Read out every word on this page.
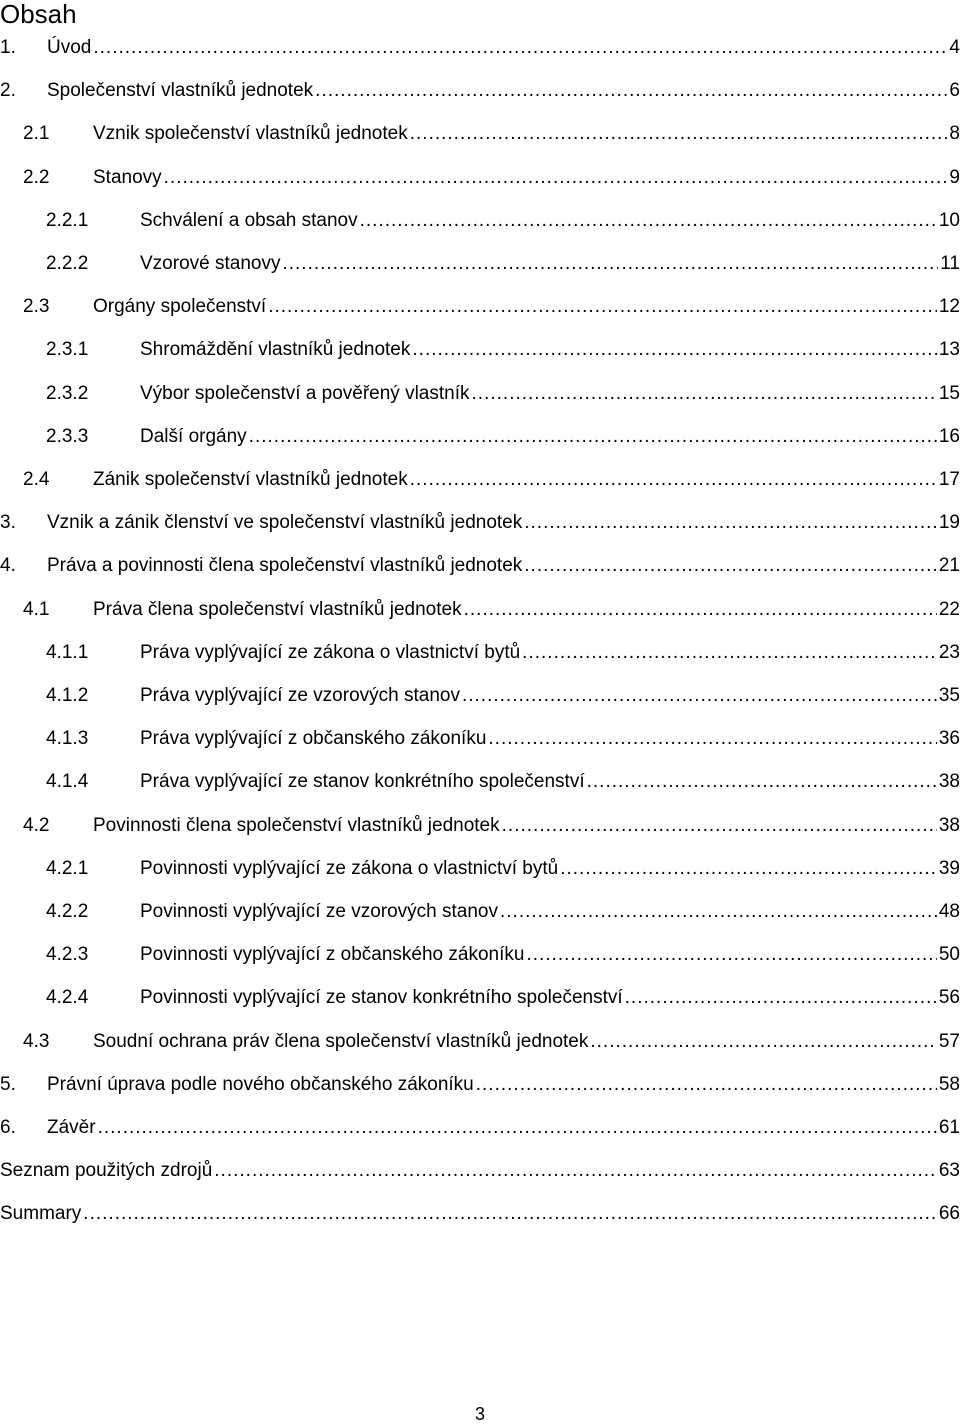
Obsah
1.	Úvod .....	4
2.	Společenství vlastníků jednotek .....	6
2.1	Vznik společenství vlastníků jednotek .....	8
2.2	Stanovy .....	9
2.2.1	Schválení a obsah stanov .....	10
2.2.2	Vzorové stanovy .....	11
2.3	Orgány společenství .....	12
2.3.1	Shromáždění vlastníků jednotek .....	13
2.3.2	Výbor společenství a pověřený vlastník .....	15
2.3.3	Další orgány .....	16
2.4	Zánik společenství vlastníků jednotek .....	17
3.	Vznik a zánik členství ve společenství vlastníků jednotek .....	19
4.	Práva a povinnosti člena společenství vlastníků jednotek .....	21
4.1	Práva člena společenství vlastníků jednotek .....	22
4.1.1	Práva vyplývající ze zákona o vlastnictví bytů .....	23
4.1.2	Práva vyplývající ze vzorových stanov .....	35
4.1.3	Práva vyplývající z občanského zákoníku .....	36
4.1.4	Práva vyplývající ze stanov konkrétního společenství .....	38
4.2	Povinnosti člena společenství vlastníků jednotek .....	38
4.2.1	Povinnosti vyplývající ze zákona o vlastnictví bytů .....	39
4.2.2	Povinnosti vyplývající ze vzorových stanov .....	48
4.2.3	Povinnosti vyplývající z občanského zákoníku .....	50
4.2.4	Povinnosti vyplývající ze stanov konkrétního společenství .....	56
4.3	Soudní ochrana práv člena společenství vlastníků jednotek .....	57
5.	Právní úprava podle nového občanského zákoníku .....	58
6.	Závěr .....	61
Seznam použitých zdrojů .....	63
Summary .....	66
3
